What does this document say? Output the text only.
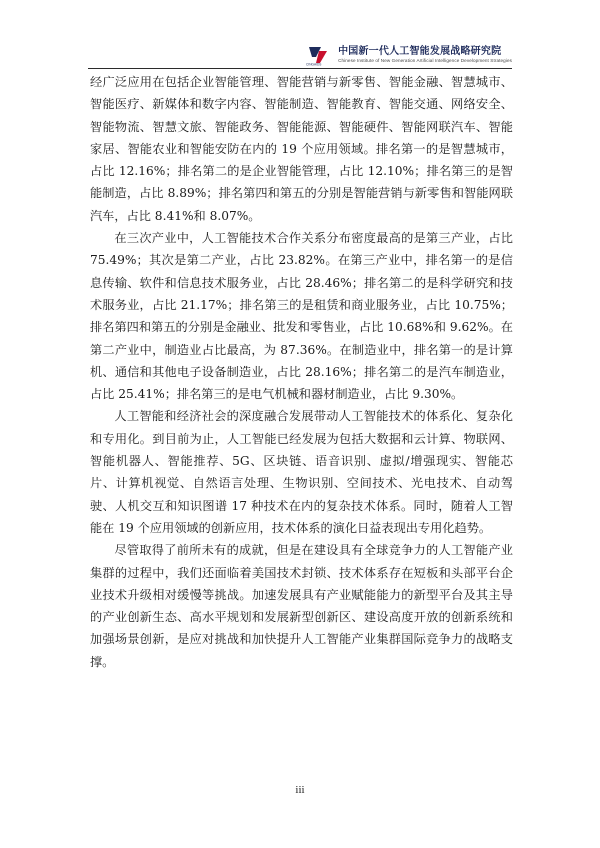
CINGAIDS
中国新一代人工智能发展战略研究院
Chinese Institute of New Generation Artificial Intelligence Development Strategies

经广泛应用在包括企业智能管理、智能营销与新零售、智能金融、智慧城市、智能医疗、新媒体和数字内容、智能制造、智能教育、智能交通、网络安全、智能物流、智慧文旅、智能政务、智能能源、智能硬件、智能网联汽车、智能家居、智能农业和智能安防在内的 19 个应用领域。排名第一的是智慧城市，占比 12.16%；排名第二的是企业智能管理，占比 12.10%；排名第三的是智能制造，占比 8.89%；排名第四和第五的分别是智能营销与新零售和智能网联汽车，占比 8.41%和 8.07%。

在三次产业中，人工智能技术合作关系分布密度最高的是第三产业，占比 75.49%；其次是第二产业，占比 23.82%。在第三产业中，排名第一的是信息传输、软件和信息技术服务业，占比 28.46%；排名第二的是科学研究和技术服务业，占比 21.17%；排名第三的是租赁和商业服务业，占比 10.75%；排名第四和第五的分别是金融业、批发和零售业，占比 10.68%和 9.62%。在第二产业中，制造业占比最高，为 87.36%。在制造业中，排名第一的是计算机、通信和其他电子设备制造业，占比 28.16%；排名第二的是汽车制造业，占比 25.41%；排名第三的是电气机械和器材制造业，占比 9.30%。

人工智能和经济社会的深度融合发展带动人工智能技术的体系化、复杂化和专用化。到目前为止，人工智能已经发展为包括大数据和云计算、物联网、智能机器人、智能推荐、5G、区块链、语音识别、虚拟/增强现实、智能芯片、计算机视觉、自然语言处理、生物识别、空间技术、光电技术、自动驾驶、人机交互和知识图谱 17 种技术在内的复杂技术体系。同时，随着人工智能在 19 个应用领域的创新应用，技术体系的演化日益表现出专用化趋势。

尽管取得了前所未有的成就，但是在建设具有全球竞争力的人工智能产业集群的过程中，我们还面临着美国技术封锁、技术体系存在短板和头部平台企业技术升级相对缓慢等挑战。加速发展具有产业赋能能力的新型平台及其主导的产业创新生态、高水平规划和发展新型创新区、建设高度开放的创新系统和加强场景创新，是应对挑战和加快提升人工智能产业集群国际竞争力的战略支撑。

iii
